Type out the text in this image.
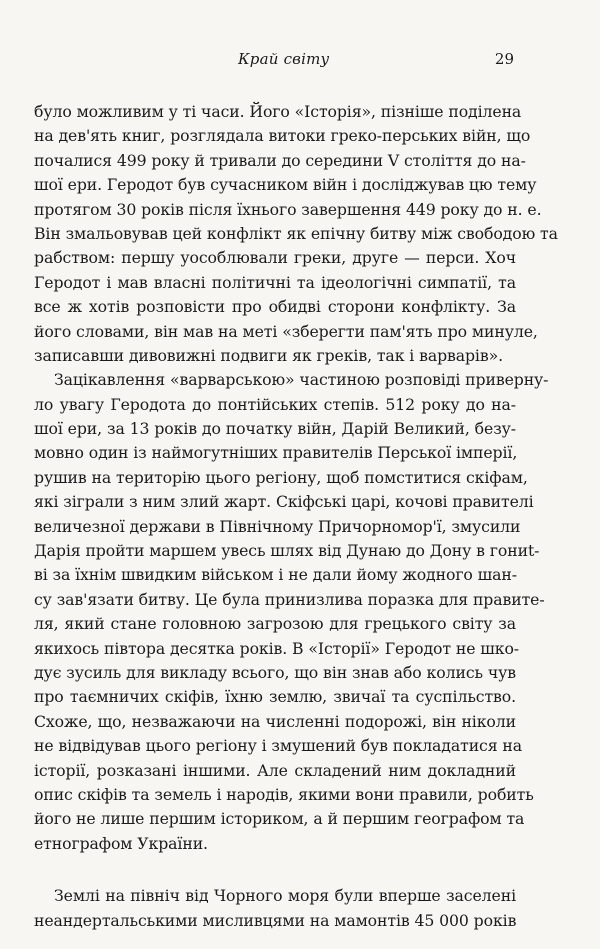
Край світу	29
було можливим у ті часи. Його «Історія», пізніше поділена
на дев'ять книг, розглядала витоки греко-перських війн, що
почалися 499 року й тривали до середини V століття до на-
шої ери. Геродот був сучасником війн і досліджував цю тему
протягом 30 років після їхнього завершення 449 року до н. е.
Він змальовував цей конфлікт як епічну битву між свободою та
рабством: першу уособлювали греки, друге — перси. Хоч
Геродот і мав власні політичні та ідеологічні симпатії, та
все ж хотів розповісти про обидві сторони конфлікту. За
його словами, він мав на меті «зберегти пам'ять про минуле,
записавши дивовижні подвиги як греків, так і варварів».
Зацікавлення «варварською» частиною розповіді приверну-
ло увагу Геродота до понтійських степів. 512 року до на-
шої ери, за 13 років до початку війн, Дарій Великий, безу-
мовно один із наймогутніших правителів Перської імперії,
рушив на територію цього регіону, щоб помститися скіфам,
які зіграли з ним злий жарт. Скіфські царі, кочові правителі
величезної держави в Північному Причорномор'ї, змусили
Дарія пройти маршем увесь шлях від Дунаю до Дону в гониt-
ві за їхнім швидким військом і не дали йому жодного шан-
су зав'язати битву. Це була принизлива поразка для правите-
ля, який стане головною загрозою для грецького світу за
якихось півтора десятка років. В «Історії» Геродот не шко-
дує зусиль для викладу всього, що він знав або колись чув
про таємничих скіфів, їхню землю, звичаї та суспільство.
Схоже, що, незважаючи на численні подорожі, він ніколи
не відвідував цього регіону і змушений був покладатися на
історії, розказані іншими. Але складений ним докладний
опис скіфів та земель і народів, якими вони правили, робить
його не лише першим істориком, а й першим географом та
етнографом України.
Землі на північ від Чорного моря були вперше заселені
неандертальськими мисливцями на мамонтів 45 000 років
